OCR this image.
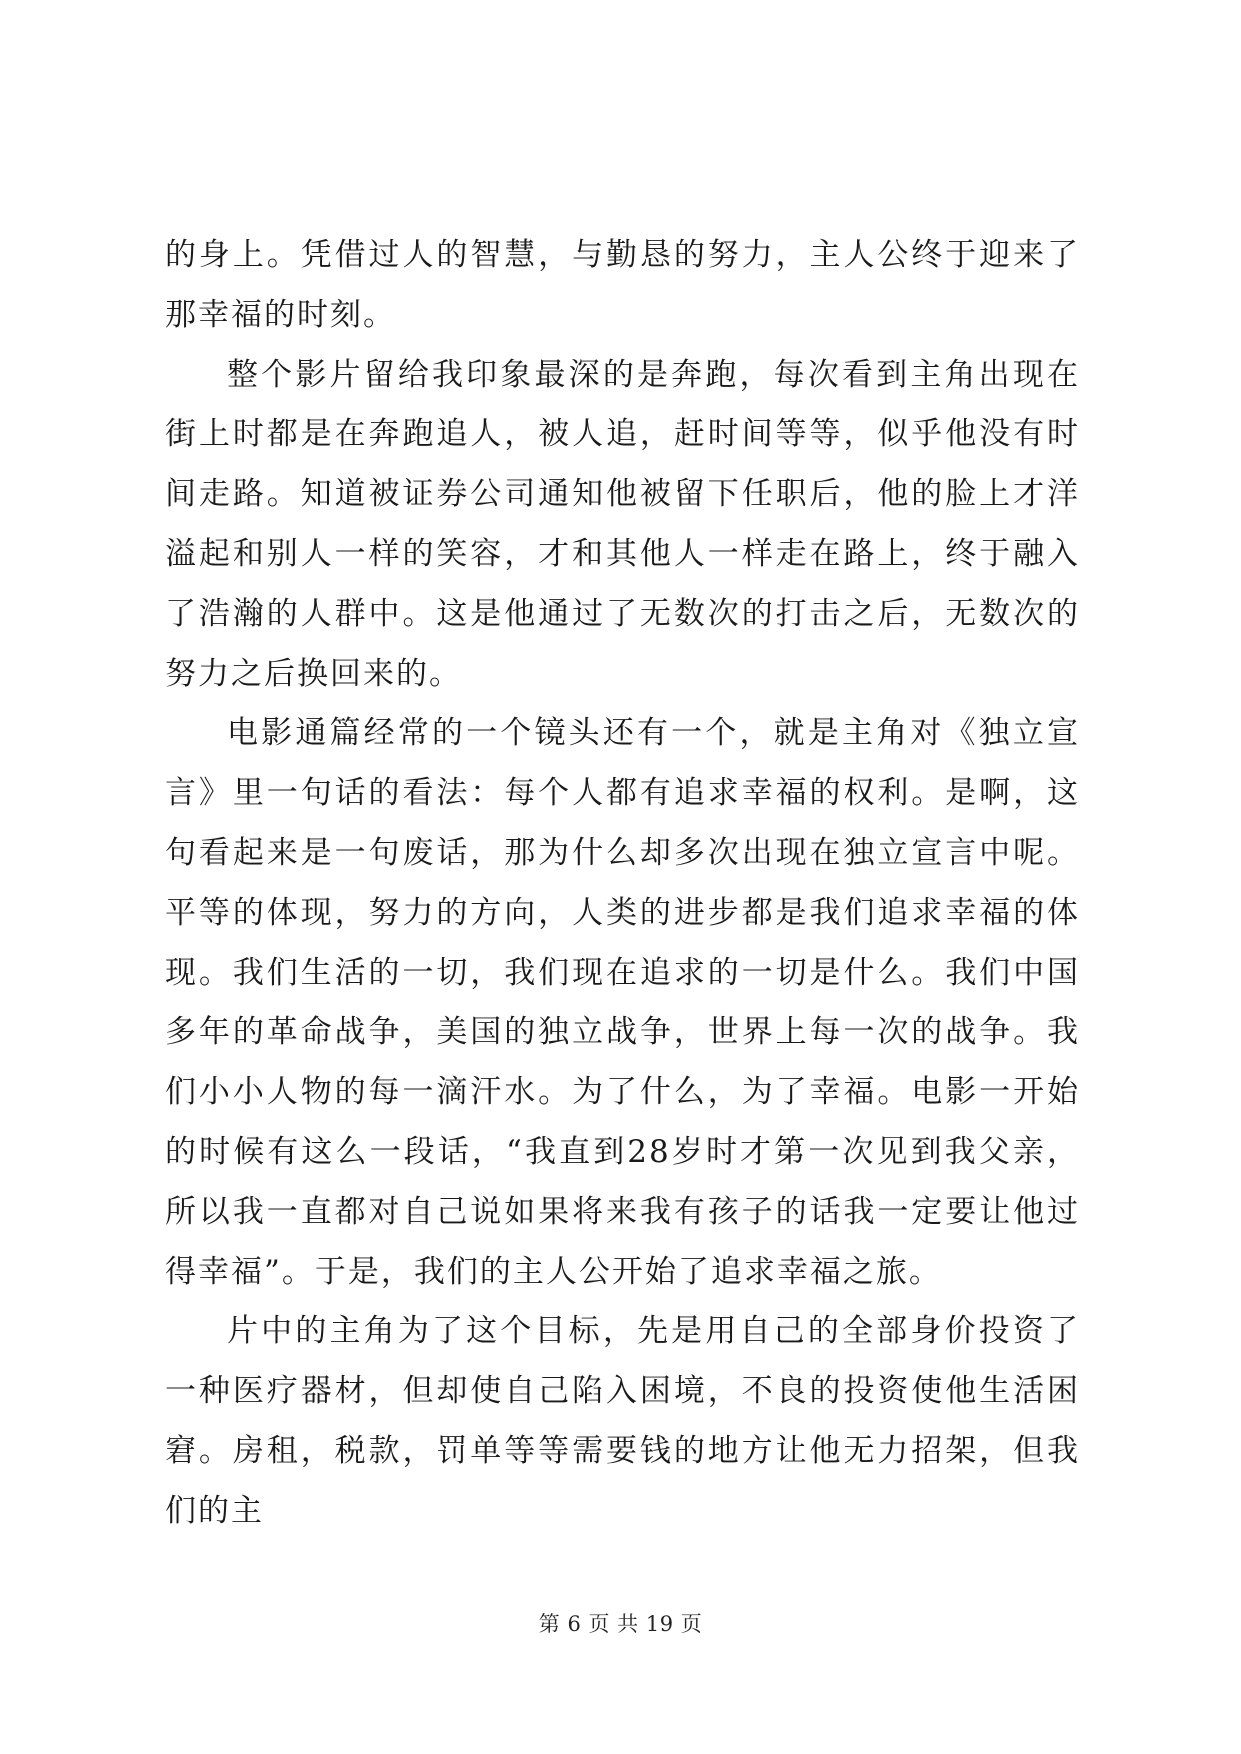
的身上。凭借过人的智慧，与勤恳的努力，主人公终于迎来了那幸福的时刻。

整个影片留给我印象最深的是奔跑，每次看到主角出现在街上时都是在奔跑追人，被人追，赶时间等等，似乎他没有时间走路。知道被证券公司通知他被留下任职后，他的脸上才洋溢起和别人一样的笑容，才和其他人一样走在路上，终于融入了浩瀚的人群中。这是他通过了无数次的打击之后，无数次的努力之后换回来的。

电影通篇经常的一个镜头还有一个，就是主角对《独立宣言》里一句话的看法：每个人都有追求幸福的权利。是啊，这句看起来是一句废话，那为什么却多次出现在独立宣言中呢。平等的体现，努力的方向，人类的进步都是我们追求幸福的体现。我们生活的一切，我们现在追求的一切是什么。我们中国多年的革命战争，美国的独立战争，世界上每一次的战争。我们小小人物的每一滴汗水。为了什么，为了幸福。电影一开始的时候有这么一段话，“我直到28岁时才第一次见到我父亲，所以我一直都对自己说如果将来我有孩子的话我一定要让他过得幸福”。于是，我们的主人公开始了追求幸福之旅。

片中的主角为了这个目标，先是用自己的全部身价投资了一种医疗器材，但却使自己陷入困境，不良的投资使他生活困窘。房租，税款，罚单等等需要钱的地方让他无力招架，但我们的主

第 6 页 共 19 页
